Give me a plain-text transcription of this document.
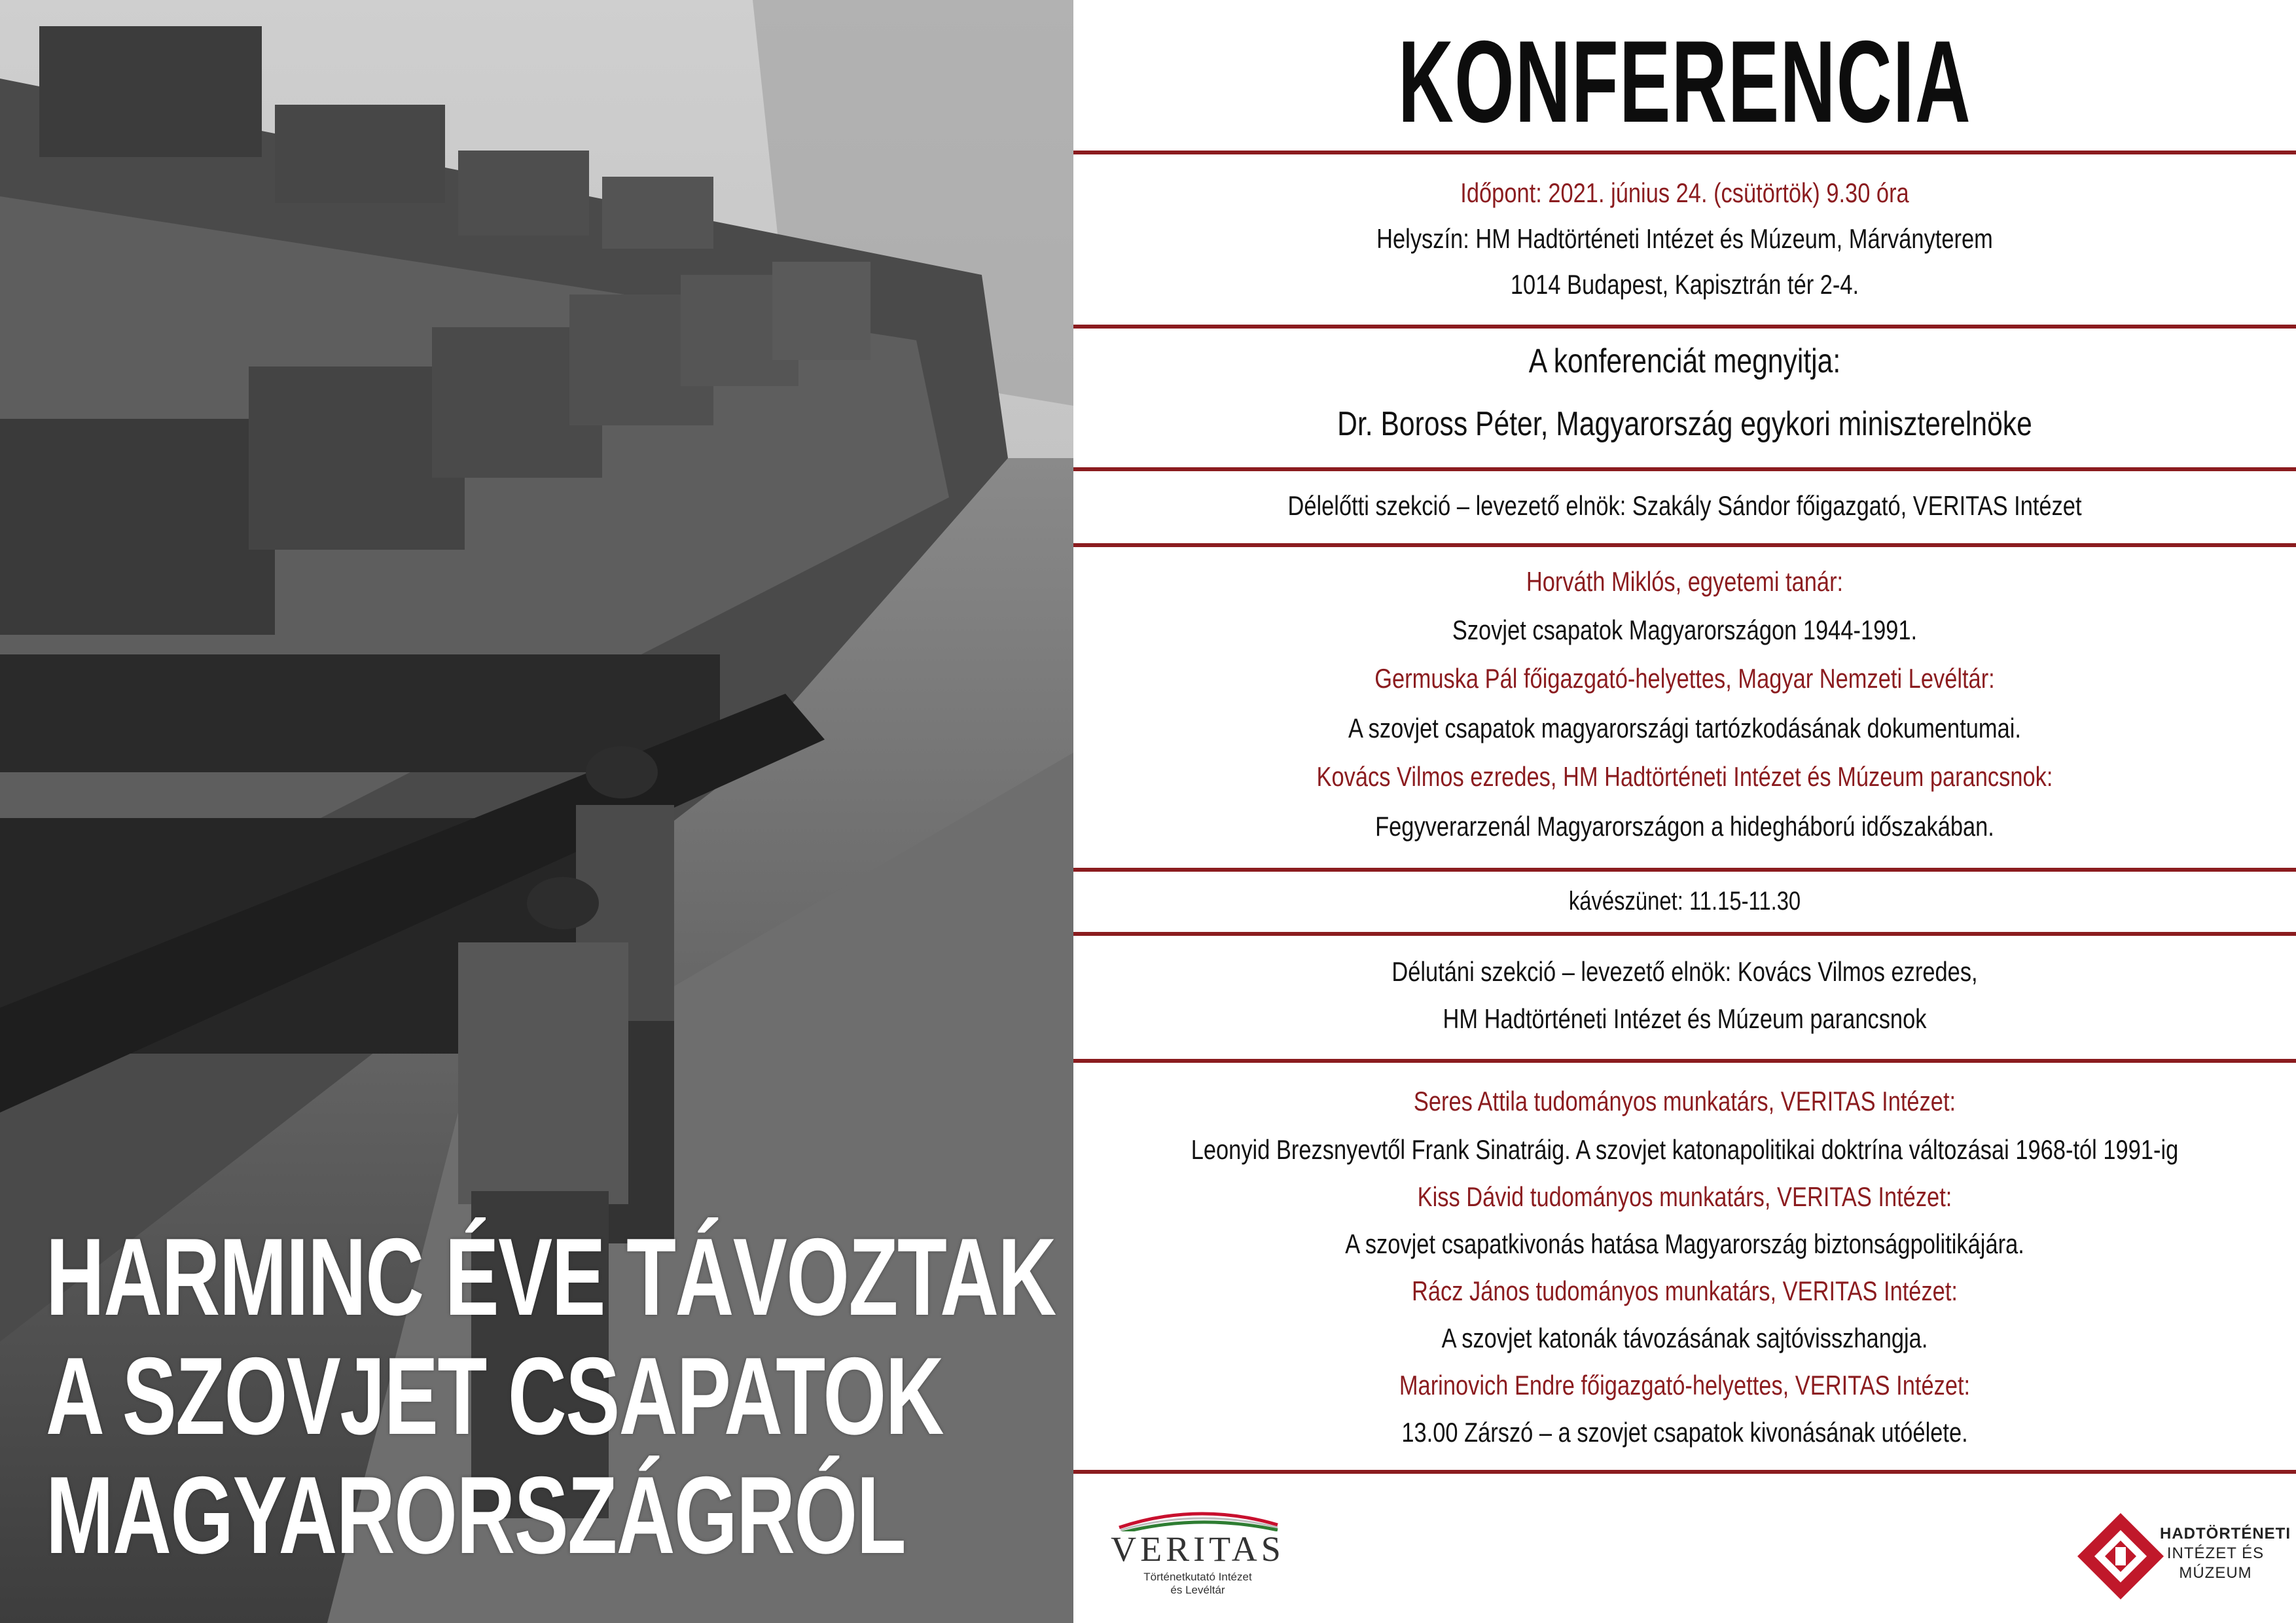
HARMINC ÉVE TÁVOZTAK
A SZOVJET CSAPATOK
MAGYARORSZÁGRÓL
KONFERENCIA
Időpont: 2021. június 24. (csütörtök) 9.30 óra
Helyszín: HM Hadtörténeti Intézet és Múzeum, Márványterem
1014 Budapest, Kapisztrán tér 2-4.
A konferenciát megnyitja:
Dr. Boross Péter, Magyarország egykori miniszterelnöke
Délelőtti szekció – levezető elnök: Szakály Sándor főigazgató, VERITAS Intézet
Horváth Miklós, egyetemi tanár:
Szovjet csapatok Magyarországon 1944-1991.
Germuska Pál főigazgató-helyettes, Magyar Nemzeti Levéltár:
A szovjet csapatok magyarországi tartózkodásának dokumentumai.
Kovács Vilmos ezredes, HM Hadtörténeti Intézet és Múzeum parancsnok:
Fegyverarzenál Magyarországon a hidegháború időszakában.
kávészünet: 11.15-11.30
Délutáni szekció – levezető elnök: Kovács Vilmos ezredes,
HM Hadtörténeti Intézet és Múzeum parancsnok
Seres Attila tudományos munkatárs, VERITAS Intézet:
Leonyid Brezsnyevtől Frank Sinatráig. A szovjet katonapolitikai doktrína változásai 1968-tól 1991-ig
Kiss Dávid tudományos munkatárs, VERITAS Intézet:
A szovjet csapatkivonás hatása Magyarország biztonságpolitikájára.
Rácz János tudományos munkatárs, VERITAS Intézet:
A szovjet katonák távozásának sajtóvisszhangja.
Marinovich Endre főigazgató-helyettes, VERITAS Intézet:
13.00 Zárszó – a szovjet csapatok kivonásának utóélete.
VERITAS
Történetkutató Intézet
és Levéltár
HADTÖRTÉNETI
INTÉZET ÉS
MÚZEUM
